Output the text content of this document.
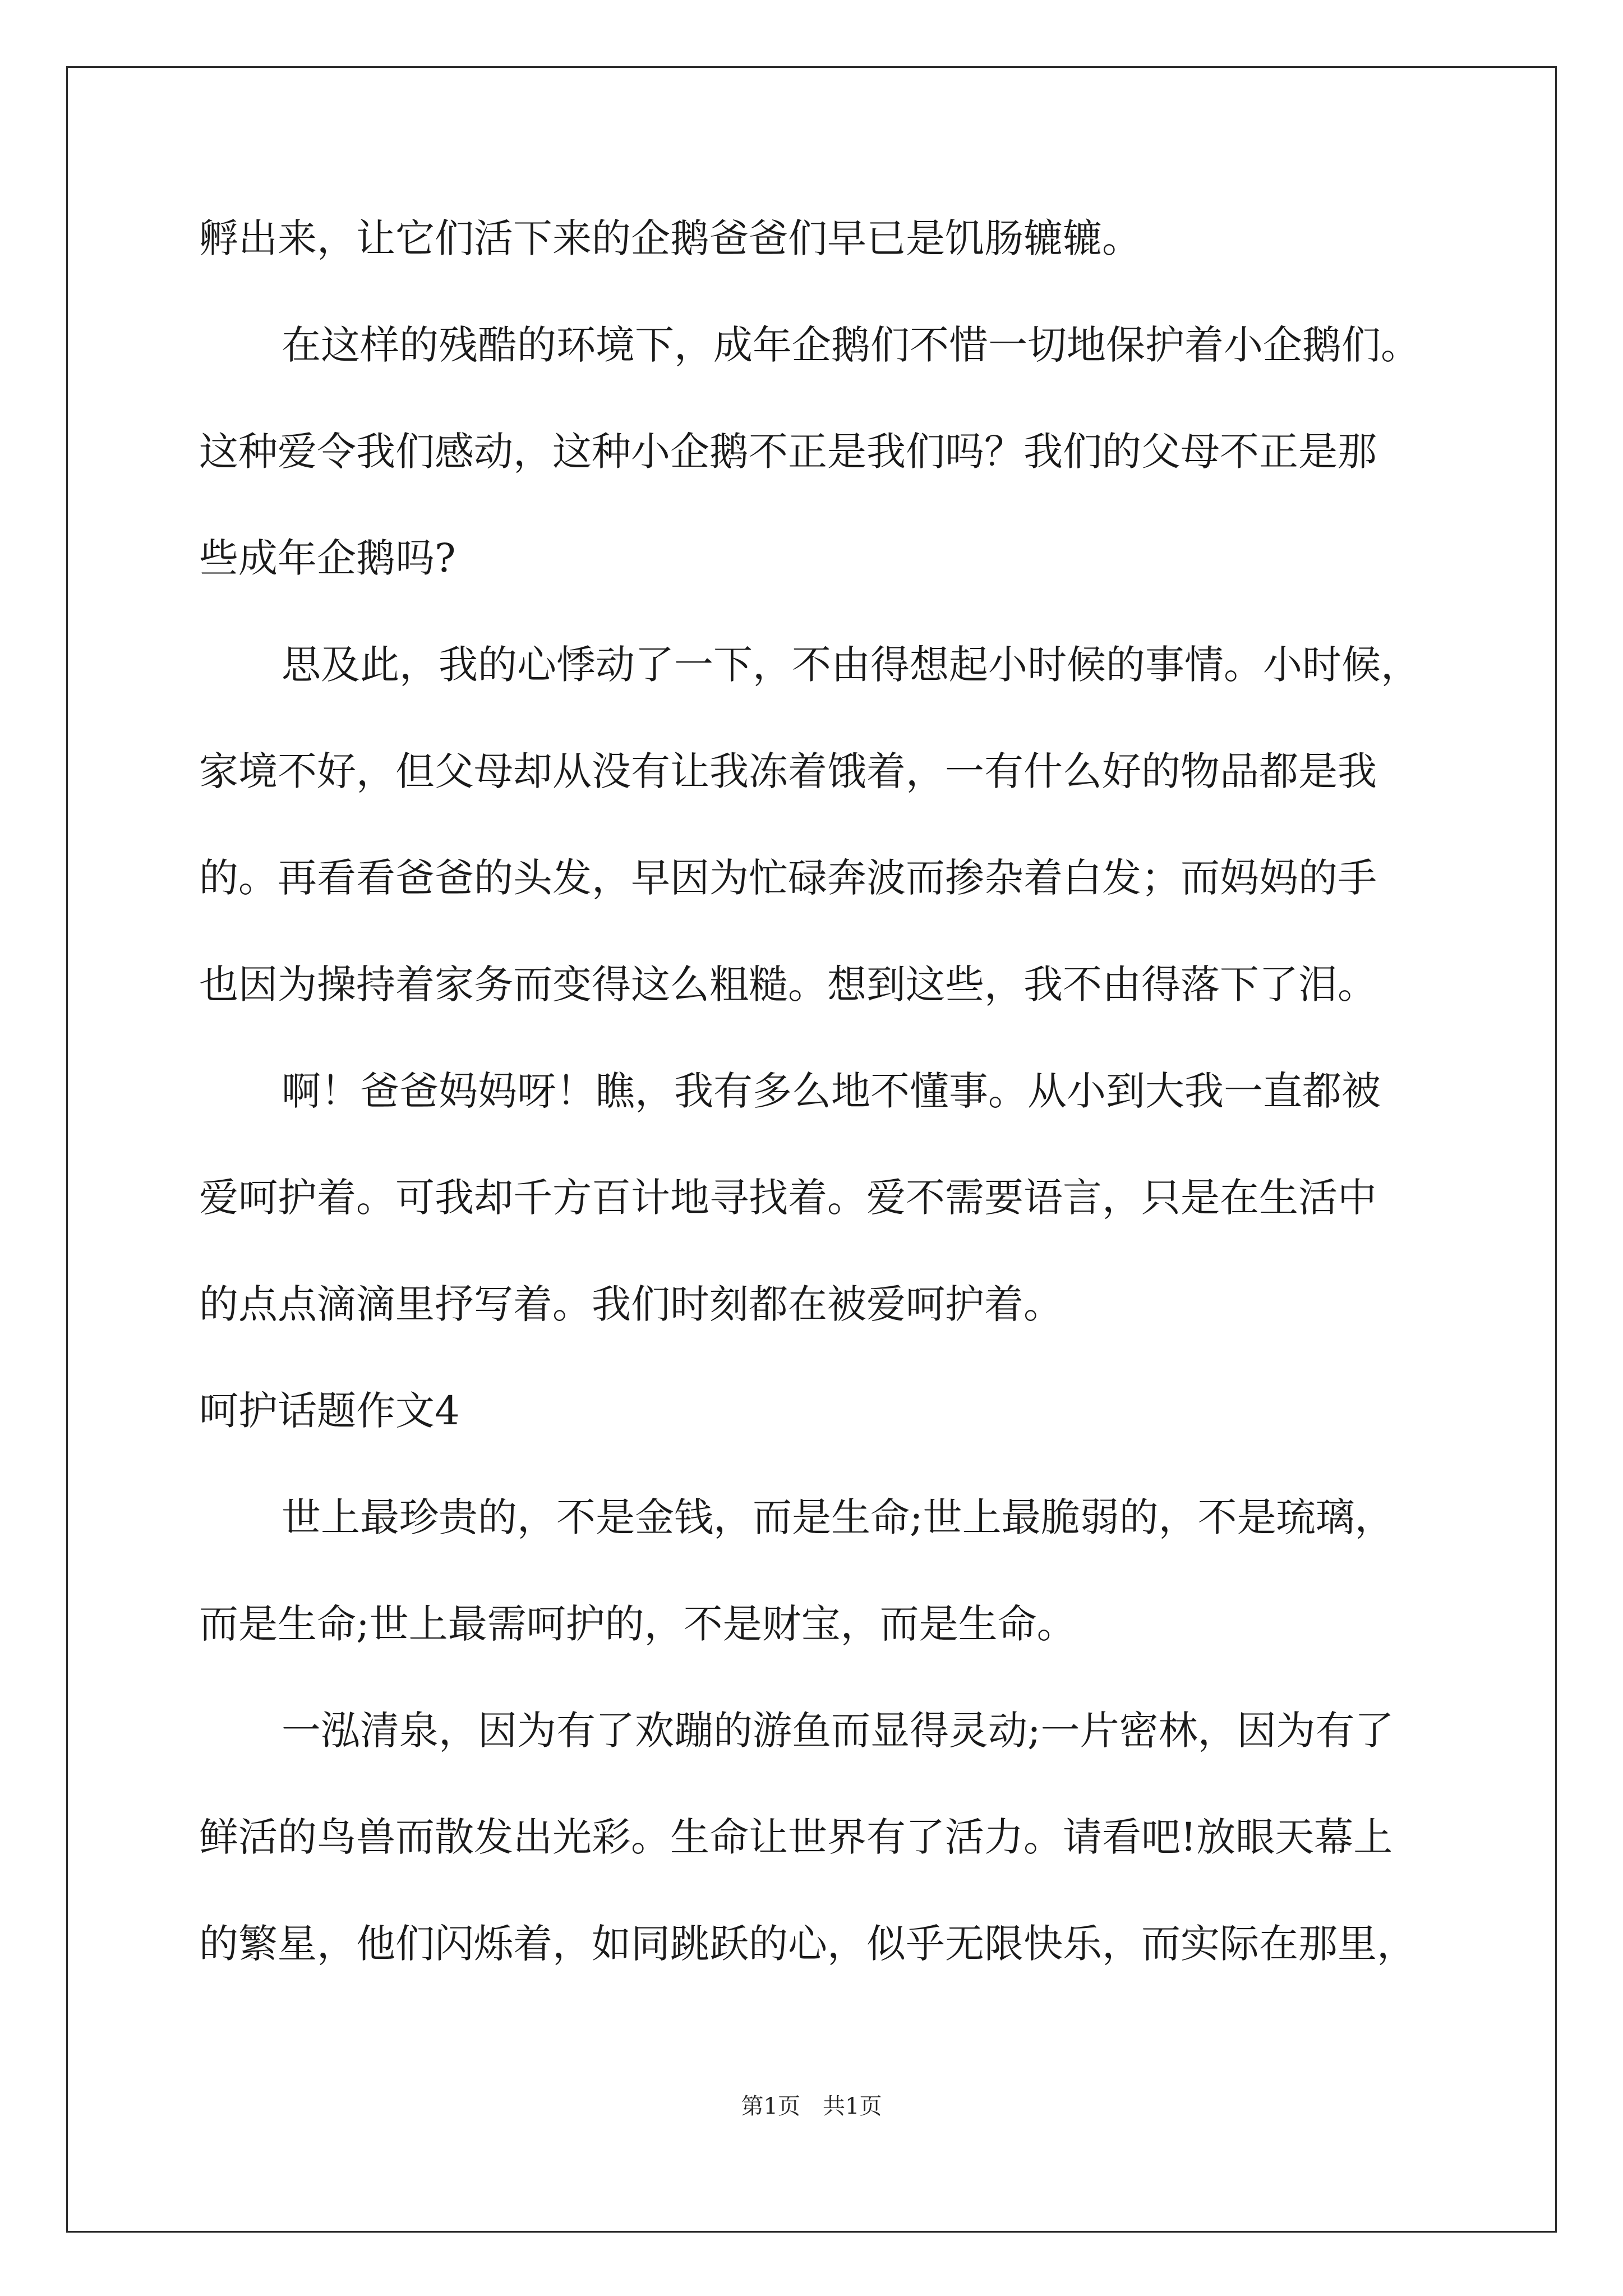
孵出来，让它们活下来的企鹅爸爸们早已是饥肠辘辘。
在这样的残酷的环境下，成年企鹅们不惜一切地保护着小企鹅们。
这种爱令我们感动，这种小企鹅不正是我们吗？我们的父母不正是那
些成年企鹅吗?
思及此，我的心悸动了一下，不由得想起小时候的事情。小时候，
家境不好，但父母却从没有让我冻着饿着，一有什么好的物品都是我
的。再看看爸爸的头发，早因为忙碌奔波而掺杂着白发；而妈妈的手
也因为操持着家务而变得这么粗糙。想到这些，我不由得落下了泪。
啊！爸爸妈妈呀！瞧，我有多么地不懂事。从小到大我一直都被
爱呵护着。可我却千方百计地寻找着。爱不需要语言，只是在生活中
的点点滴滴里抒写着。我们时刻都在被爱呵护着。
呵护话题作文4
世上最珍贵的，不是金钱，而是生命;世上最脆弱的，不是琉璃，
而是生命;世上最需呵护的，不是财宝，而是生命。
一泓清泉，因为有了欢蹦的游鱼而显得灵动;一片密林，因为有了
鲜活的鸟兽而散发出光彩。生命让世界有了活力。请看吧!放眼天幕上
的繁星，他们闪烁着，如同跳跃的心，似乎无限快乐，而实际在那里，
第1页　共1页
